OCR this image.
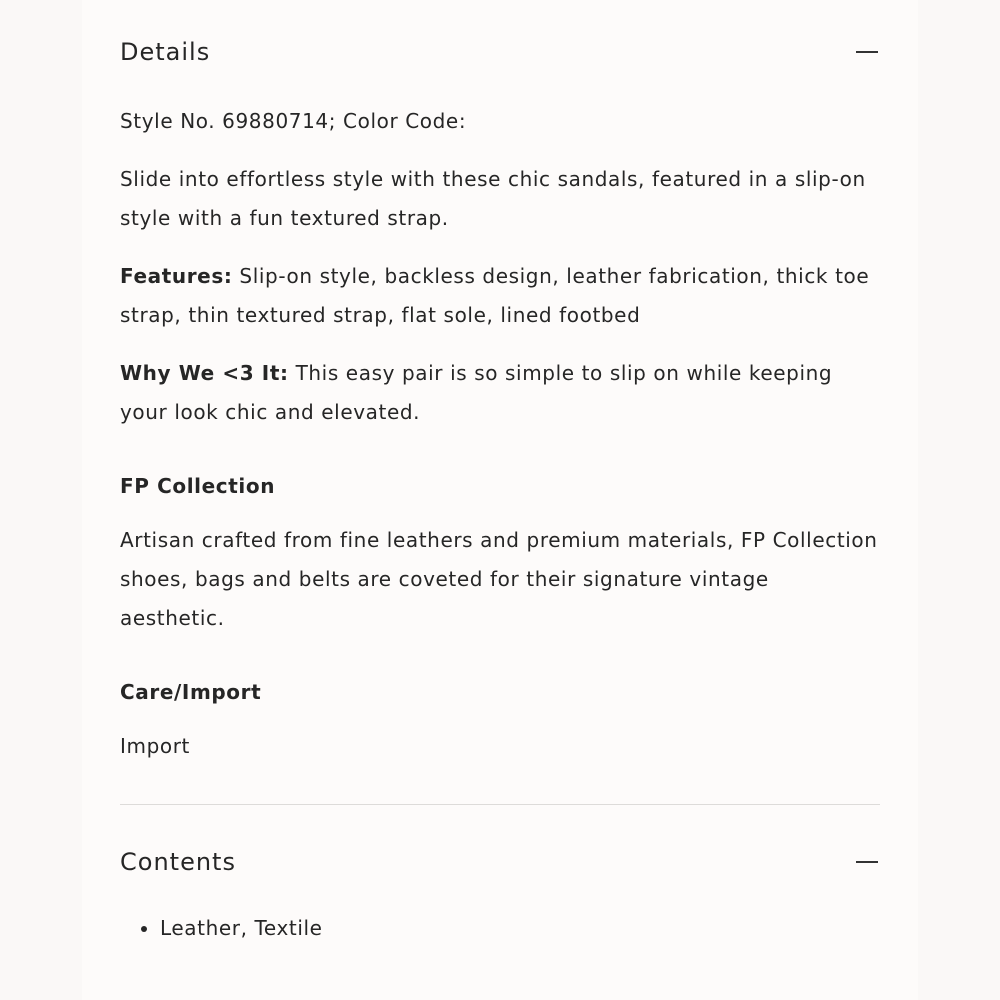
Details

Style No. 69880714; Color Code:

Slide into effortless style with these chic sandals, featured in a slip-on style with a fun textured strap.

Features: Slip-on style, backless design, leather fabrication, thick toe strap, thin textured strap, flat sole, lined footbed

Why We <3 It: This easy pair is so simple to slip on while keeping your look chic and elevated.

FP Collection

Artisan crafted from fine leathers and premium materials, FP Collection shoes, bags and belts are coveted for their signature vintage aesthetic.

Care/Import

Import

Contents
• Leather, Textile
